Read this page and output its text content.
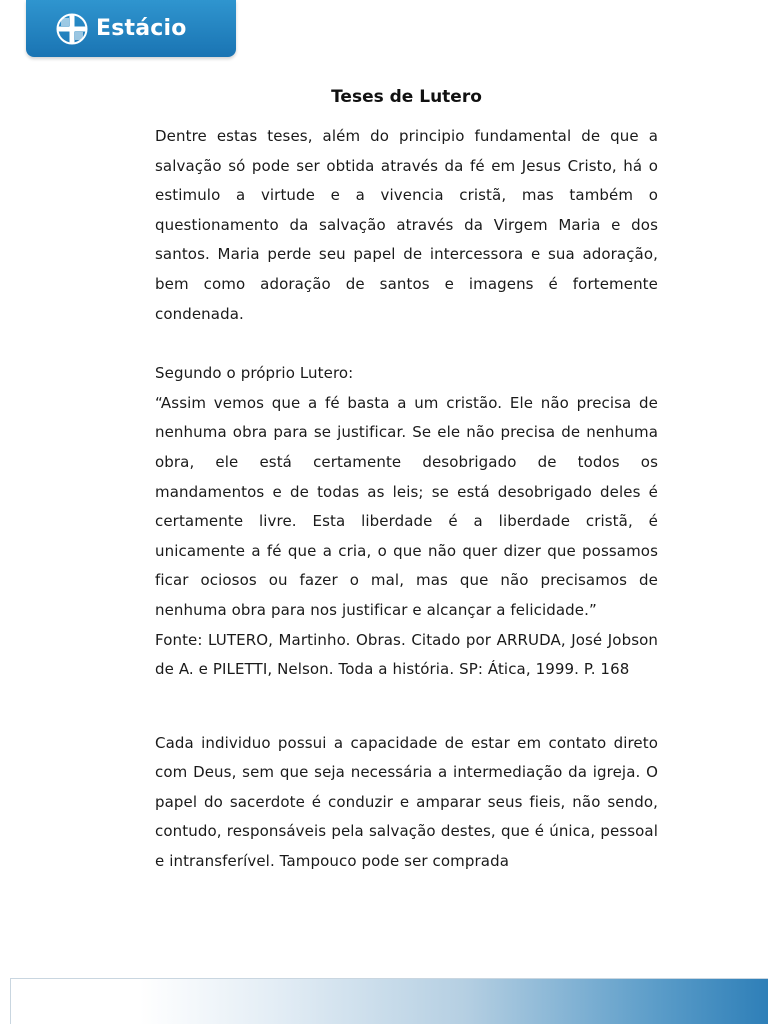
Estácio
Teses de Lutero

Dentre estas teses, além do principio fundamental de que a salvação só pode ser obtida através da fé em Jesus Cristo, há o estimulo a virtude e a vivencia cristã, mas também o questionamento da salvação através da Virgem Maria e dos santos. Maria perde seu papel de intercessora e sua adoração, bem como adoração de santos e imagens é fortemente condenada.

Segundo o próprio Lutero:

“Assim vemos que a fé basta a um cristão. Ele não precisa de nenhuma obra para se justificar. Se ele não precisa de nenhuma obra, ele está certamente desobrigado de todos os mandamentos e de todas as leis; se está desobrigado deles é certamente livre. Esta liberdade é a liberdade cristã, é unicamente a fé que a cria, o que não quer dizer que possamos ficar ociosos ou fazer o mal, mas que não precisamos de nenhuma obra para nos justificar e alcançar a felicidade.”

Fonte: LUTERO, Martinho. Obras. Citado por ARRUDA, José Jobson de A. e PILETTI, Nelson. Toda a história. SP: Ática, 1999. P. 168

Cada individuo possui a capacidade de estar em contato direto com Deus, sem que seja necessária a intermediação da igreja. O papel do sacerdote é conduzir e amparar seus fieis, não sendo, contudo, responsáveis pela salvação destes, que é única, pessoal e intransferível. Tampouco pode ser comprada
